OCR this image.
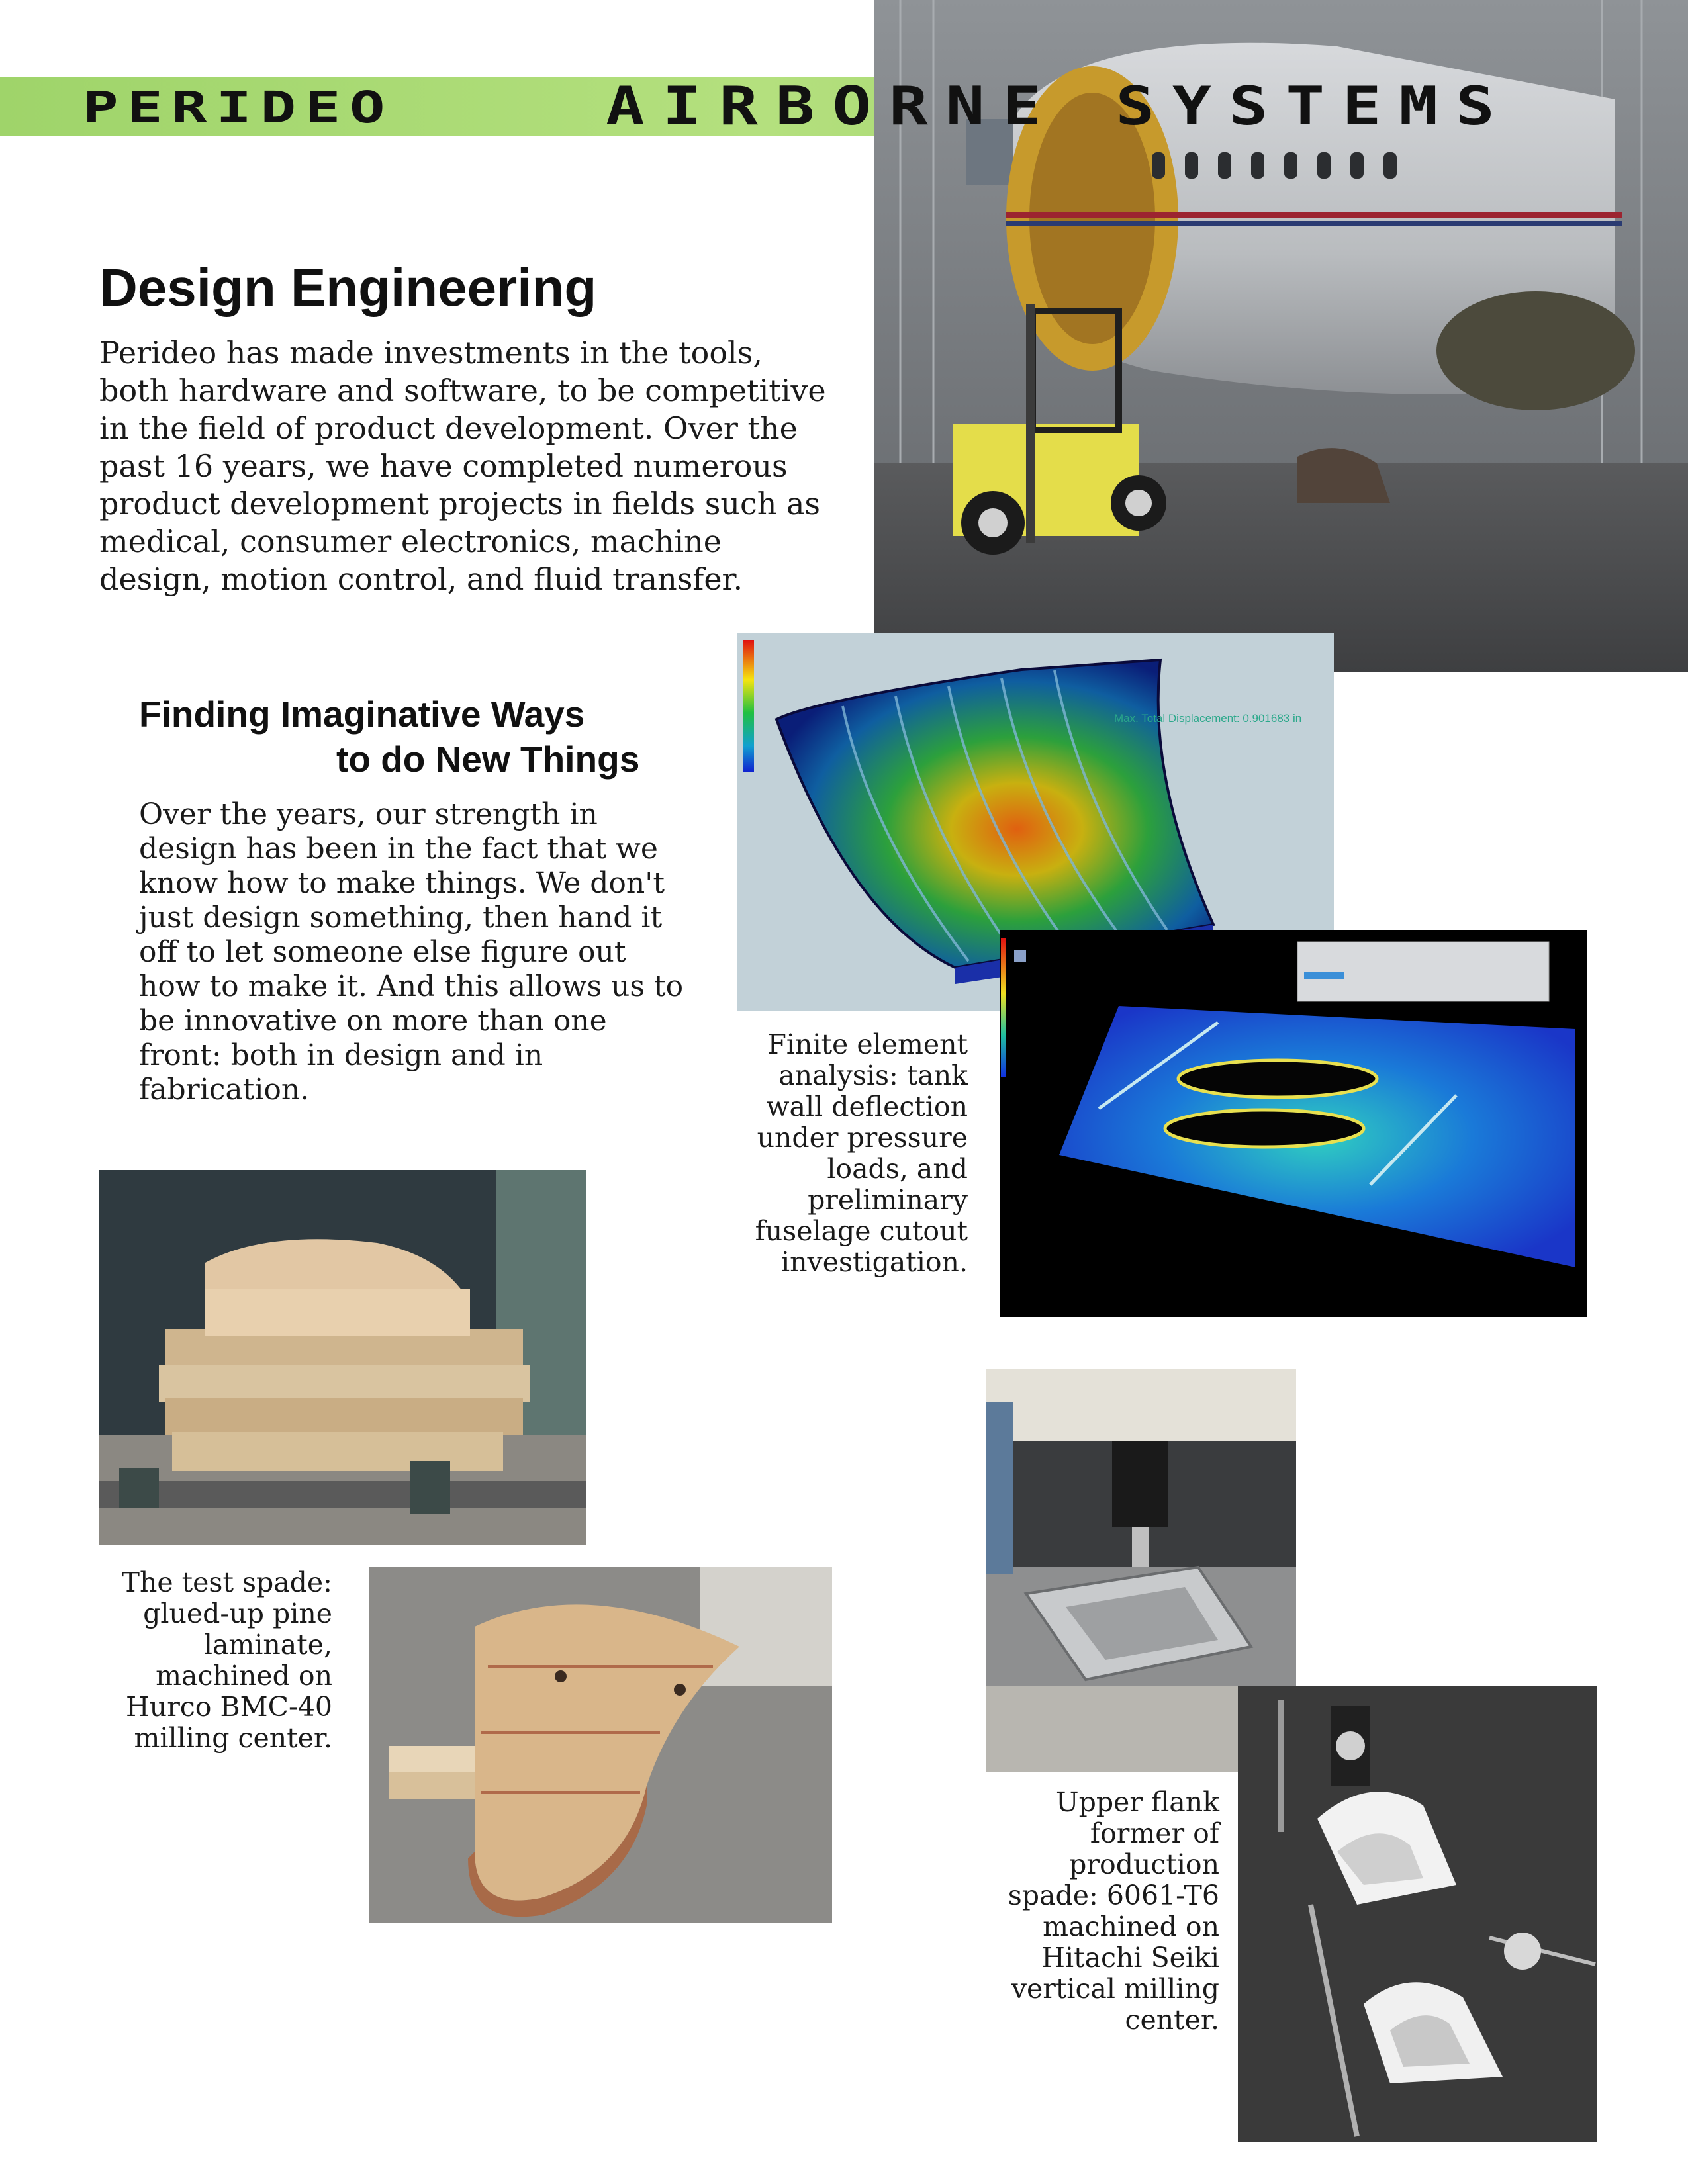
PERIDEO	AIRBORNE SYSTEMS
Design Engineering
Perideo has made investments in the tools, both hardware and software, to be competitive in the field of product development. Over the past 16 years, we have completed numerous product development projects in fields such as medical, consumer electronics, machine design, motion control, and fluid transfer.
Finding Imaginative Ways
to do New Things
Over the years, our strength in design has been in the fact that we know how to make things. We don't just design something, then hand it off to let someone else figure out how to make it. And this allows us to be innovative on more than one front: both in design and in fabrication.
Max. Total Displacement: 0.901683 in
Finite element analysis: tank wall deflection under pressure loads, and preliminary fuselage cutout investigation.
The test spade: glued-up pine laminate, machined on Hurco BMC-40 milling center.
Upper flank former of production spade: 6061-T6 machined on Hitachi Seiki vertical milling center.
